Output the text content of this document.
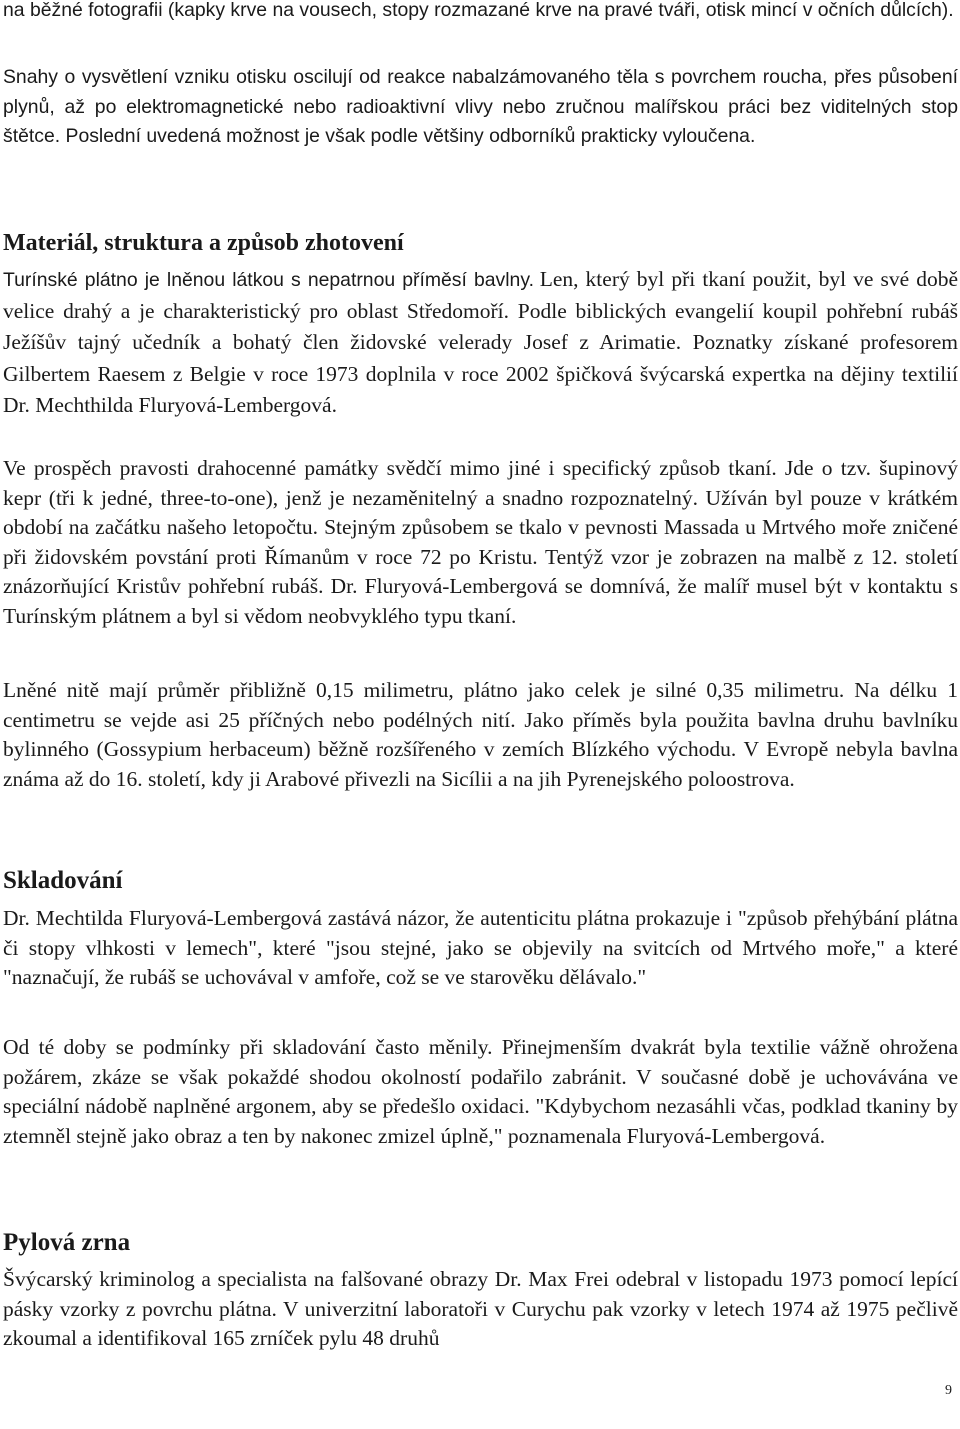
na běžné fotografii (kapky krve na vousech, stopy rozmazané krve na pravé tváři, otisk mincí v očních důlcích).

Snahy o vysvětlení vzniku otisku oscilují od reakce nabalzámovaného těla s povrchem roucha, přes působení plynů, až po elektromagnetické nebo radioaktivní vlivy nebo zručnou malířskou práci bez viditelných stop štětce. Poslední uvedená možnost je však podle většiny odborníků prakticky vyloučena.

Materiál, struktura a způsob zhotovení

Turínské plátno je lněnou látkou s nepatrnou příměsí bavlny. Len, který byl při tkaní použit, byl ve své době velice drahý a je charakteristický pro oblast Středomoří. Podle biblických evangelií koupil pohřební rubáš Ježíšův tajný učedník a bohatý člen židovské velerady Josef z Arimatie. Poznatky získané profesorem Gilbertem Raesem z Belgie v roce 1973 doplnila v roce 2002 špičková švýcarská expertka na dějiny textilií Dr. Mechthilda Fluryová-Lembergová.

Ve prospěch pravosti drahocenné památky svědčí mimo jiné i specifický způsob tkaní. Jde o tzv. šupinový kepr (tři k jedné, three-to-one), jenž je nezaměnitelný a snadno rozpoznatelný. Užíván byl pouze v krátkém období na začátku našeho letopočtu. Stejným způsobem se tkalo v pevnosti Massada u Mrtvého moře zničené při židovském povstání proti Římanům v roce 72 po Kristu. Tentýž vzor je zobrazen na malbě z 12. století znázorňující Kristův pohřební rubáš. Dr. Fluryová-Lembergová se domnívá, že malíř musel být v kontaktu s Turínským plátnem a byl si vědom neobvyklého typu tkaní.

Lněné nitě mají průměr přibližně 0,15 milimetru, plátno jako celek je silné 0,35 milimetru. Na délku 1 centimetru se vejde asi 25 příčných nebo podélných nití. Jako příměs byla použita bavlna druhu bavlníku bylinného (Gossypium herbaceum) běžně rozšířeného v zemích Blízkého východu. V Evropě nebyla bavlna známa až do 16. století, kdy ji Arabové přivezli na Sicílii a na jih Pyrenejského poloostrova.

Skladování

Dr. Mechtilda Fluryová-Lembergová zastává názor, že autenticitu plátna prokazuje i "způsob přehýbání plátna či stopy vlhkosti v lemech", které "jsou stejné, jako se objevily na svitcích od Mrtvého moře," a které "naznačují, že rubáš se uchovával v amfoře, což se ve starověku dělávalo."

Od té doby se podmínky při skladování často měnily. Přinejmenším dvakrát byla textilie vážně ohrožena požárem, zkáze se však pokaždé shodou okolností podařilo zabránit. V současné době je uchovávána ve speciální nádobě naplněné argonem, aby se předešlo oxidaci. "Kdybychom nezasáhli včas, podklad tkaniny by ztemněl stejně jako obraz a ten by nakonec zmizel úplně," poznamenala Fluryová-Lembergová.

Pylová zrna

Švýcarský kriminolog a specialista na falšované obrazy Dr. Max Frei odebral v listopadu 1973 pomocí lepící pásky vzorky z povrchu plátna. V univerzitní laboratoři v Curychu pak vzorky v letech 1974 až 1975 pečlivě zkoumal a identifikoval 165 zrníček pylu 48 druhů

9
